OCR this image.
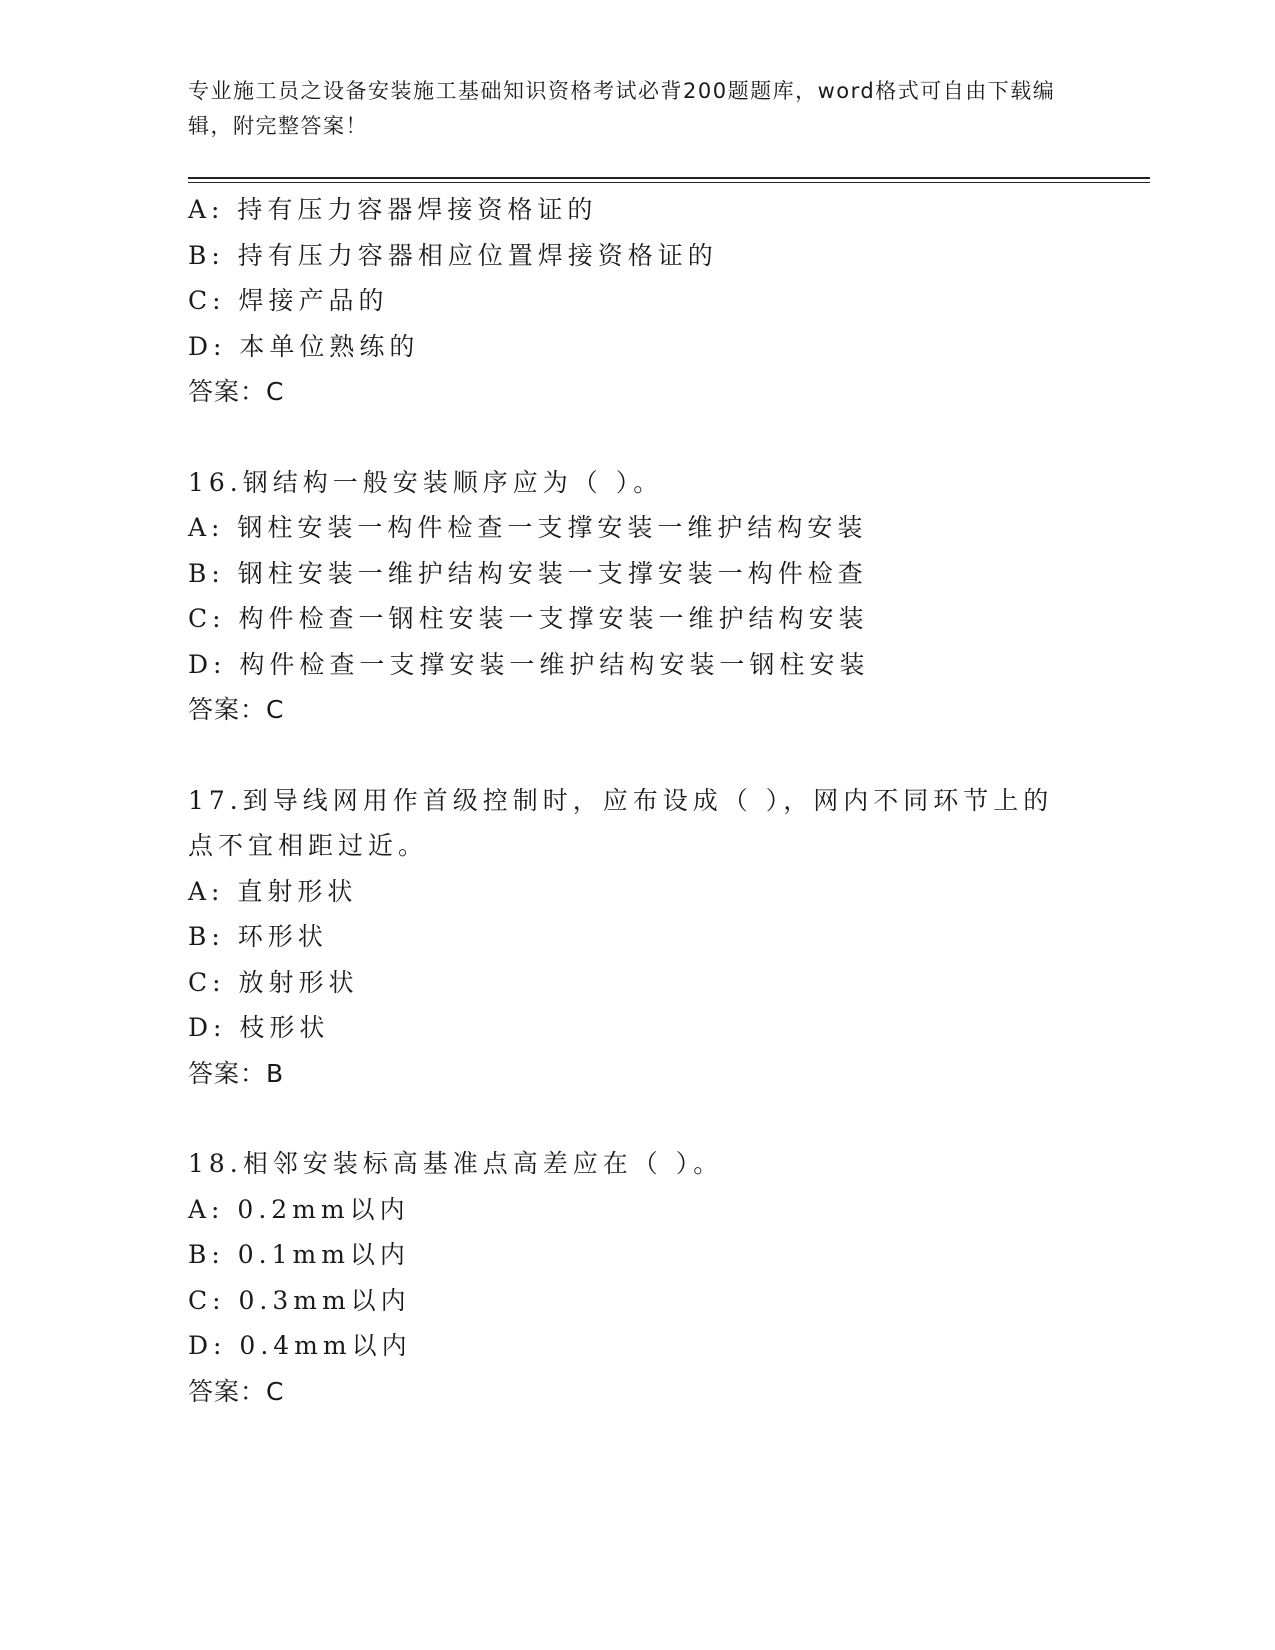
专业施工员之设备安装施工基础知识资格考试必背200题题库，word格式可自由下载编辑，附完整答案！
A: 持有压力容器焊接资格证的
B: 持有压力容器相应位置焊接资格证的
C: 焊接产品的
D: 本单位熟练的
答案：C
16.钢结构一般安装顺序应为（ ）。
A: 钢柱安装一构件检查一支撑安装一维护结构安装
B: 钢柱安装一维护结构安装一支撑安装一构件检查
C: 构件检查一钢柱安装一支撑安装一维护结构安装
D: 构件检查一支撑安装一维护结构安装一钢柱安装
答案：C
17.到导线网用作首级控制时，应布设成（ ），网内不同环节上的点不宜相距过近。
A: 直射形状
B: 环形状
C: 放射形状
D: 枝形状
答案：B
18.相邻安装标高基准点高差应在（ ）。
A: 0.2mm以内
B: 0.1mm以内
C: 0.3mm以内
D: 0.4mm以内
答案：C
